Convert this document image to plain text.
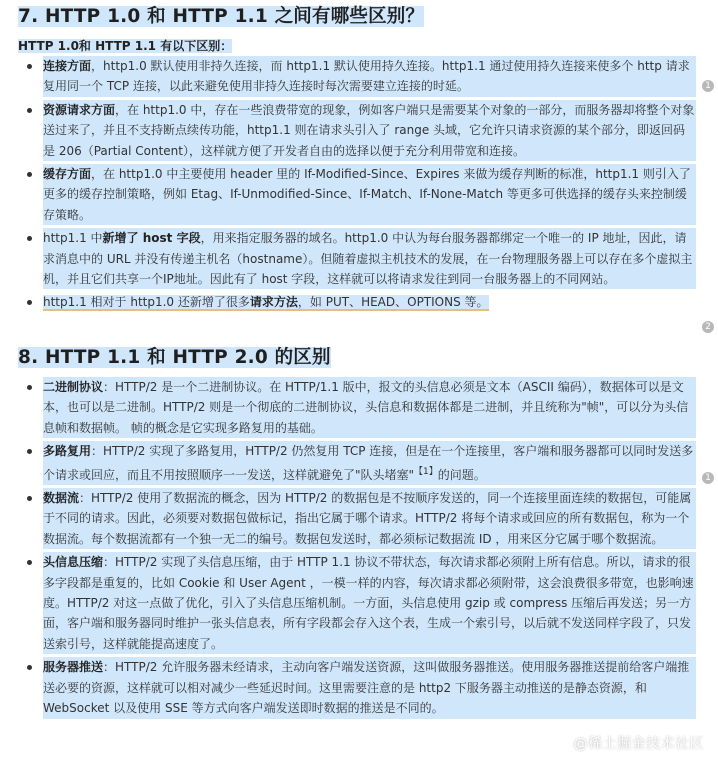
7. HTTP 1.0 和 HTTP 1.1 之间有哪些区别？
HTTP 1.0和 HTTP 1.1 有以下区别：
连接方面，http1.0 默认使用非持久连接，而 http1.1 默认使用持久连接。http1.1 通过使用持久连接来使多个 http 请求复用同一个 TCP 连接，以此来避免使用非持久连接时每次需要建立连接的时延。
资源请求方面，在 http1.0 中，存在一些浪费带宽的现象，例如客户端只是需要某个对象的一部分，而服务器却将整个对象送过来了，并且不支持断点续传功能，http1.1 则在请求头引入了 range 头域，它允许只请求资源的某个部分，即返回码是 206（Partial Content），这样就方便了开发者自由的选择以便于充分利用带宽和连接。
缓存方面，在 http1.0 中主要使用 header 里的 If-Modified-Since、Expires 来做为缓存判断的标准，http1.1 则引入了更多的缓存控制策略，例如 Etag、If-Unmodified-Since、If-Match、If-None-Match 等更多可供选择的缓存头来控制缓存策略。
http1.1 中新增了 host 字段，用来指定服务器的域名。http1.0 中认为每台服务器都绑定一个唯一的 IP 地址，因此，请求消息中的 URL 并没有传递主机名（hostname）。但随着虚拟主机技术的发展，在一台物理服务器上可以存在多个虚拟主机，并且它们共享一个IP地址。因此有了 host 字段，这样就可以将请求发往到同一台服务器上的不同网站。
http1.1 相对于 http1.0 还新增了很多请求方法，如 PUT、HEAD、OPTIONS 等。
8. HTTP 1.1 和 HTTP 2.0 的区别
二进制协议：HTTP/2 是一个二进制协议。在 HTTP/1.1 版中，报文的头信息必须是文本（ASCII 编码），数据体可以是文本，也可以是二进制。HTTP/2 则是一个彻底的二进制协议，头信息和数据体都是二进制，并且统称为"帧"，可以分为头信息帧和数据帧。 帧的概念是它实现多路复用的基础。
多路复用：HTTP/2 实现了多路复用，HTTP/2 仍然复用 TCP 连接，但是在一个连接里，客户端和服务器都可以同时发送多个请求或回应，而且不用按照顺序一一发送，这样就避免了"队头堵塞"$^{【1】}$的问题。
数据流：HTTP/2 使用了数据流的概念，因为 HTTP/2 的数据包是不按顺序发送的，同一个连接里面连续的数据包，可能属于不同的请求。因此，必须要对数据包做标记，指出它属于哪个请求。HTTP/2 将每个请求或回应的所有数据包，称为一个数据流。每个数据流都有一个独一无二的编号。数据包发送时，都必须标记数据流 ID ，用来区分它属于哪个数据流。
头信息压缩：HTTP/2 实现了头信息压缩，由于 HTTP 1.1 协议不带状态，每次请求都必须附上所有信息。所以，请求的很多字段都是重复的，比如 Cookie 和 User Agent ，一模一样的内容，每次请求都必须附带，这会浪费很多带宽，也影响速度。HTTP/2 对这一点做了优化，引入了头信息压缩机制。一方面，头信息使用 gzip 或 compress 压缩后再发送；另一方面，客户端和服务器同时维护一张头信息表，所有字段都会存入这个表，生成一个索引号，以后就不发送同样字段了，只发送索引号，这样就能提高速度了。
服务器推送：HTTP/2 允许服务器未经请求，主动向客户端发送资源，这叫做服务器推送。使用服务器推送提前给客户端推送必要的资源，这样就可以相对减少一些延迟时间。这里需要注意的是 http2 下服务器主动推送的是静态资源，和 WebSocket 以及使用 SSE 等方式向客户端发送即时数据的推送是不同的。
1
2
1
@稀土掘金技术社区
